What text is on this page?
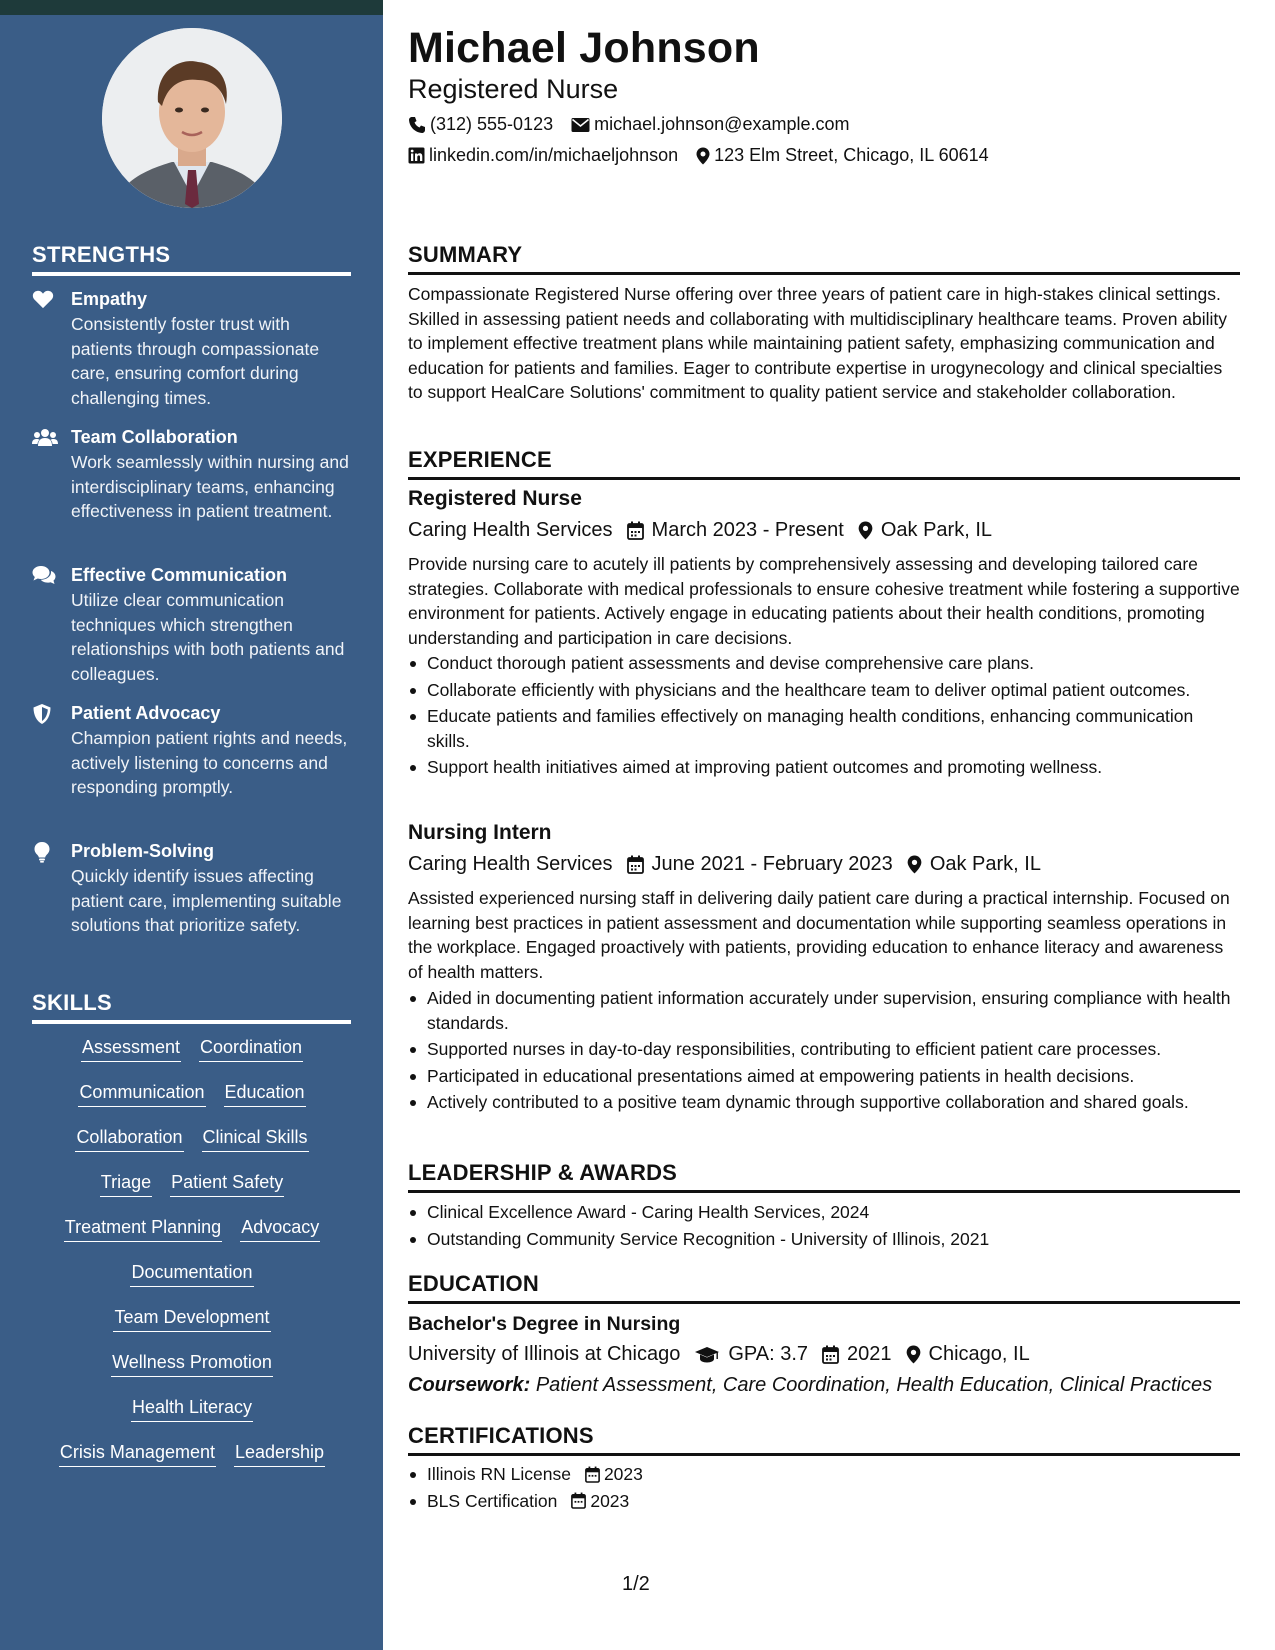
STRENGTHS
Empathy
Consistently foster trust with patients through compassionate care, ensuring comfort during challenging times.
Team Collaboration
Work seamlessly within nursing and interdisciplinary teams, enhancing effectiveness in patient treatment.
Effective Communication
Utilize clear communication techniques which strengthen relationships with both patients and colleagues.
Patient Advocacy
Champion patient rights and needs, actively listening to concerns and responding promptly.
Problem-Solving
Quickly identify issues affecting patient care, implementing suitable solutions that prioritize safety.
SKILLS
Assessment Coordination
Communication Education
Collaboration Clinical Skills
Triage Patient Safety
Treatment Planning Advocacy
Documentation
Team Development
Wellness Promotion
Health Literacy
Crisis Management Leadership
Michael Johnson
Registered Nurse
(312) 555-0123 michael.johnson@example.com
linkedin.com/in/michaeljohnson 123 Elm Street, Chicago, IL 60614
SUMMARY
Compassionate Registered Nurse offering over three years of patient care in high-stakes clinical settings. Skilled in assessing patient needs and collaborating with multidisciplinary healthcare teams. Proven ability to implement effective treatment plans while maintaining patient safety, emphasizing communication and education for patients and families. Eager to contribute expertise in urogynecology and clinical specialties to support HealCare Solutions' commitment to quality patient service and stakeholder collaboration.
EXPERIENCE
Registered Nurse
Caring Health Services March 2023 - Present Oak Park, IL
Provide nursing care to acutely ill patients by comprehensively assessing and developing tailored care strategies. Collaborate with medical professionals to ensure cohesive treatment while fostering a supportive environment for patients. Actively engage in educating patients about their health conditions, promoting understanding and participation in care decisions.
Conduct thorough patient assessments and devise comprehensive care plans.
Collaborate efficiently with physicians and the healthcare team to deliver optimal patient outcomes.
Educate patients and families effectively on managing health conditions, enhancing communication skills.
Support health initiatives aimed at improving patient outcomes and promoting wellness.
Nursing Intern
Caring Health Services June 2021 - February 2023 Oak Park, IL
Assisted experienced nursing staff in delivering daily patient care during a practical internship. Focused on learning best practices in patient assessment and documentation while supporting seamless operations in the workplace. Engaged proactively with patients, providing education to enhance literacy and awareness of health matters.
Aided in documenting patient information accurately under supervision, ensuring compliance with health standards.
Supported nurses in day-to-day responsibilities, contributing to efficient patient care processes.
Participated in educational presentations aimed at empowering patients in health decisions.
Actively contributed to a positive team dynamic through supportive collaboration and shared goals.
LEADERSHIP & AWARDS
Clinical Excellence Award - Caring Health Services, 2024
Outstanding Community Service Recognition - University of Illinois, 2021
EDUCATION
Bachelor's Degree in Nursing
University of Illinois at Chicago GPA: 3.7 2021 Chicago, IL
Coursework: Patient Assessment, Care Coordination, Health Education, Clinical Practices
CERTIFICATIONS
Illinois RN License 2023
BLS Certification 2023
1/2
